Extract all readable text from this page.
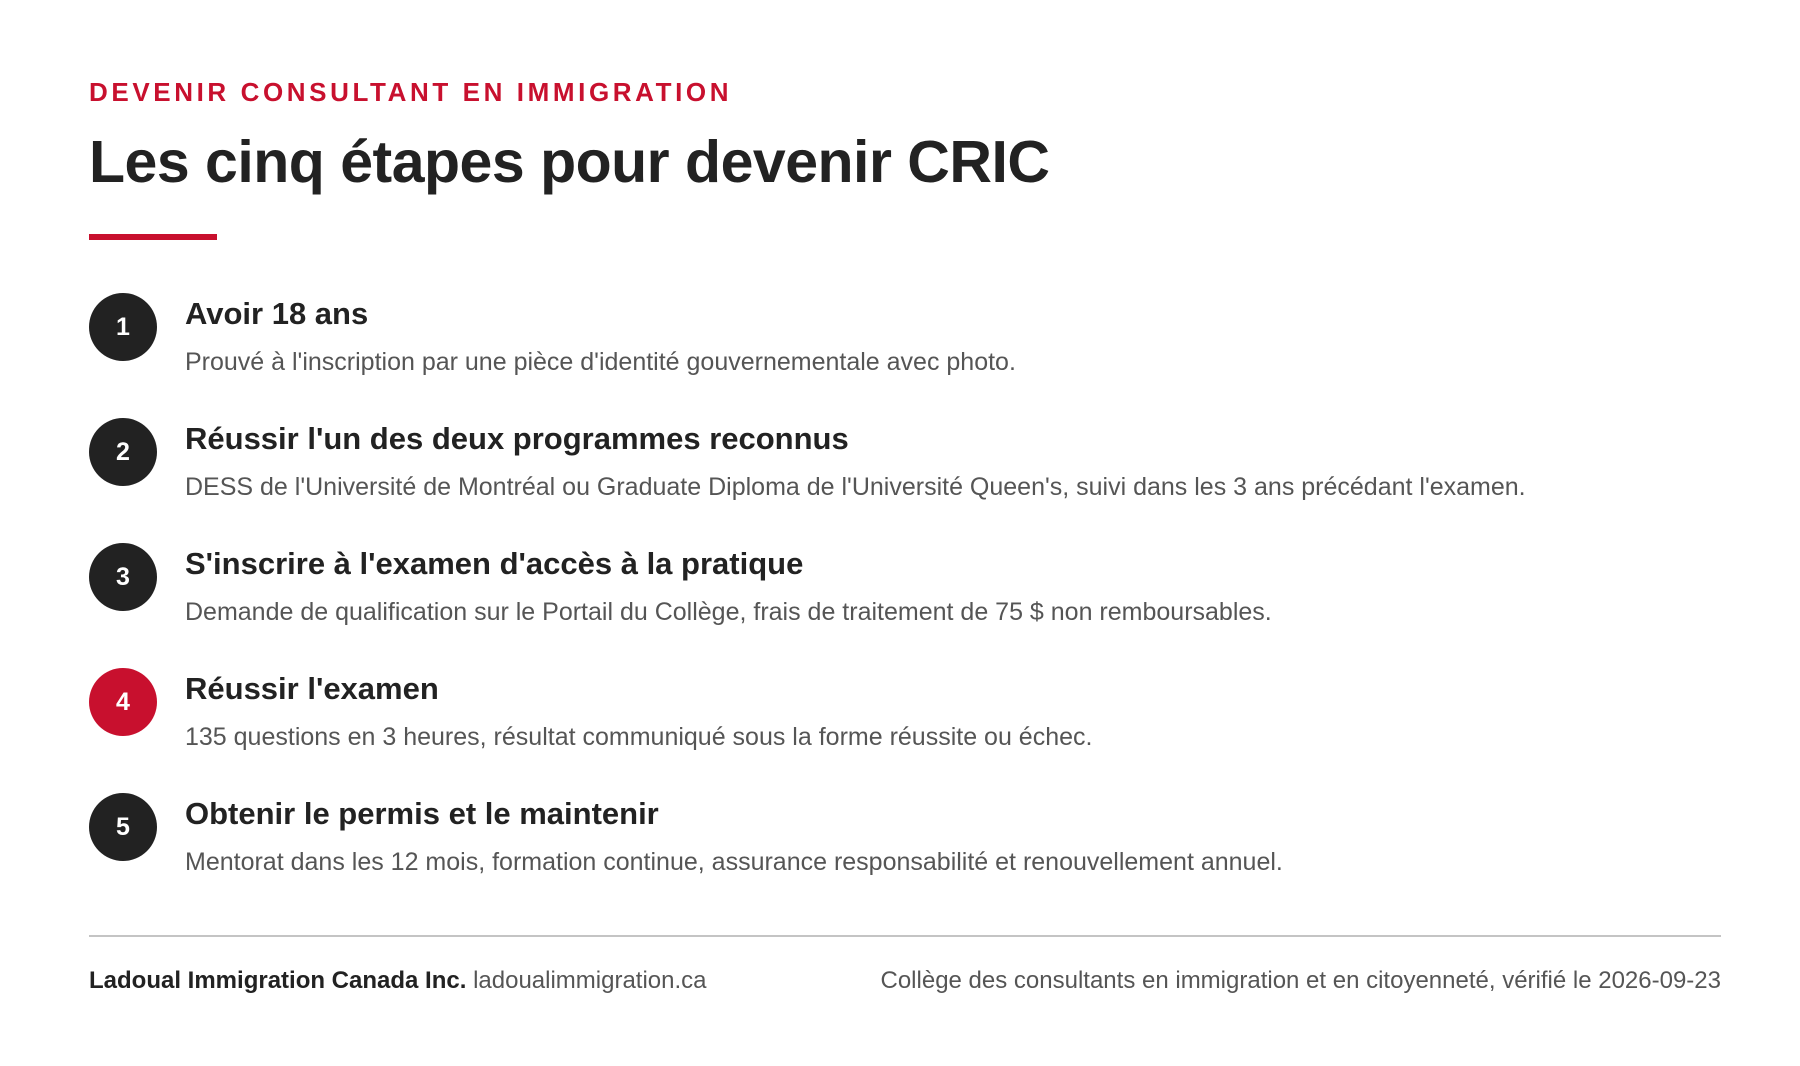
DEVENIR CONSULTANT EN IMMIGRATION
Les cinq étapes pour devenir CRIC
1	Avoir 18 ans
Prouvé à l'inscription par une pièce d'identité gouvernementale avec photo.
2	Réussir l'un des deux programmes reconnus
DESS de l'Université de Montréal ou Graduate Diploma de l'Université Queen's, suivi dans les 3 ans précédant l'examen.
3	S'inscrire à l'examen d'accès à la pratique
Demande de qualification sur le Portail du Collège, frais de traitement de 75 $ non remboursables.
4	Réussir l'examen
135 questions en 3 heures, résultat communiqué sous la forme réussite ou échec.
5	Obtenir le permis et le maintenir
Mentorat dans les 12 mois, formation continue, assurance responsabilité et renouvellement annuel.
Ladoual Immigration Canada Inc. ladoualimmigration.ca	Collège des consultants en immigration et en citoyenneté, vérifié le 2026-09-23
